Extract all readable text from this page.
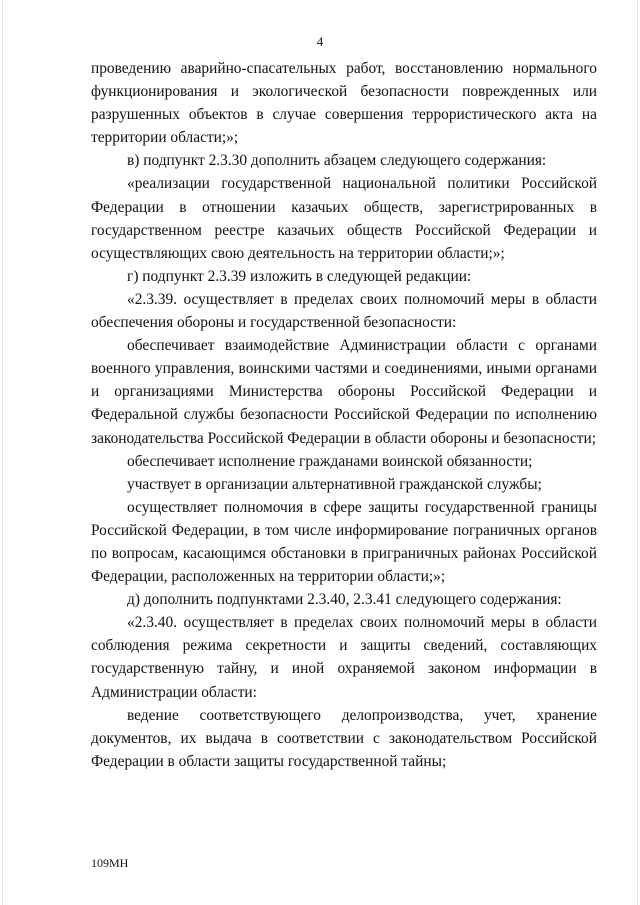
4

проведению аварийно-спасательных работ, восстановлению нормального функционирования и экологической безопасности поврежденных или разрушенных объектов в случае совершения террористического акта на территории области;»;

в) подпункт 2.3.30 дополнить абзацем следующего содержания:

«реализации государственной национальной политики Российской Федерации в отношении казачьих обществ, зарегистрированных в государственном реестре казачьих обществ Российской Федерации и осуществляющих свою деятельность на территории области;»;

г) подпункт 2.3.39 изложить в следующей редакции:

«2.3.39. осуществляет в пределах своих полномочий меры в области обеспечения обороны и государственной безопасности:

обеспечивает взаимодействие Администрации области с органами военного управления, воинскими частями и соединениями, иными органами и организациями Министерства обороны Российской Федерации и Федеральной службы безопасности Российской Федерации по исполнению законодательства Российской Федерации в области обороны и безопасности;

обеспечивает исполнение гражданами воинской обязанности;

участвует в организации альтернативной гражданской службы;

осуществляет полномочия в сфере защиты государственной границы Российской Федерации, в том числе информирование пограничных органов по вопросам, касающимся обстановки в приграничных районах Российской Федерации, расположенных на территории области;»;

д) дополнить подпунктами 2.3.40, 2.3.41 следующего содержания:

«2.3.40. осуществляет в пределах своих полномочий меры в области соблюдения режима секретности и защиты сведений, составляющих государственную тайну, и иной охраняемой законом информации в Администрации области:

ведение соответствующего делопроизводства, учет, хранение документов, их выдача в соответствии с законодательством Российской Федерации в области защиты государственной тайны;

109МН
